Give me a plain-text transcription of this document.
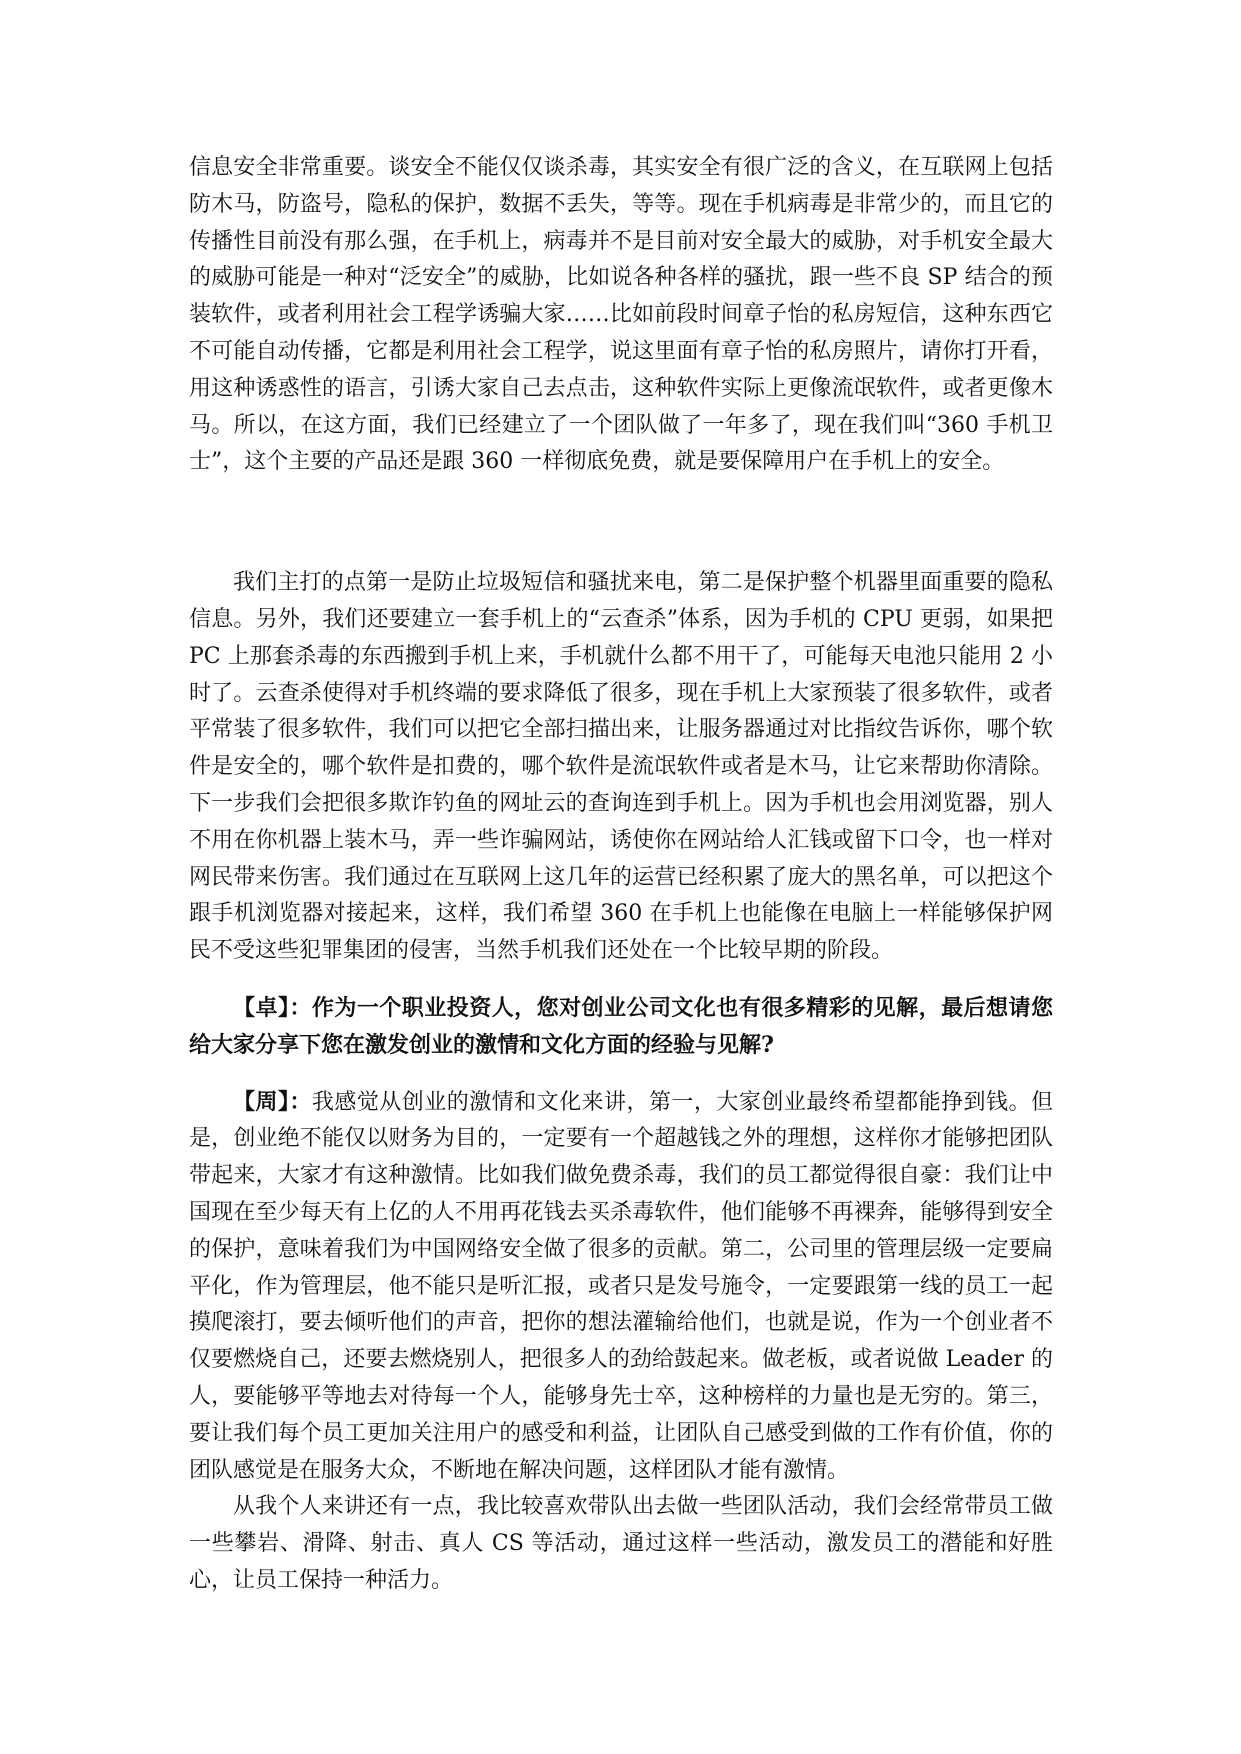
信息安全非常重要。谈安全不能仅仅谈杀毒，其实安全有很广泛的含义，在互联网上包括防木马，防盗号，隐私的保护，数据不丢失，等等。现在手机病毒是非常少的，而且它的传播性目前没有那么强，在手机上，病毒并不是目前对安全最大的威胁，对手机安全最大的威胁可能是一种对“泛安全”的威胁，比如说各种各样的骚扰，跟一些不良 SP 结合的预装软件，或者利用社会工程学诱骗大家……比如前段时间章子怡的私房短信，这种东西它不可能自动传播，它都是利用社会工程学，说这里面有章子怡的私房照片，请你打开看，用这种诱惑性的语言，引诱大家自己去点击，这种软件实际上更像流氓软件，或者更像木马。所以，在这方面，我们已经建立了一个团队做了一年多了，现在我们叫“360 手机卫士”，这个主要的产品还是跟 360 一样彻底免费，就是要保障用户在手机上的安全。

我们主打的点第一是防止垃圾短信和骚扰来电，第二是保护整个机器里面重要的隐私信息。另外，我们还要建立一套手机上的“云查杀”体系，因为手机的 CPU 更弱，如果把 PC 上那套杀毒的东西搬到手机上来，手机就什么都不用干了，可能每天电池只能用 2 小时了。云查杀使得对手机终端的要求降低了很多，现在手机上大家预装了很多软件，或者平常装了很多软件，我们可以把它全部扫描出来，让服务器通过对比指纹告诉你，哪个软件是安全的，哪个软件是扣费的，哪个软件是流氓软件或者是木马，让它来帮助你清除。下一步我们会把很多欺诈钓鱼的网址云的查询连到手机上。因为手机也会用浏览器，别人不用在你机器上装木马，弄一些诈骗网站，诱使你在网站给人汇钱或留下口令，也一样对网民带来伤害。我们通过在互联网上这几年的运营已经积累了庞大的黑名单，可以把这个跟手机浏览器对接起来，这样，我们希望 360 在手机上也能像在电脑上一样能够保护网民不受这些犯罪集团的侵害，当然手机我们还处在一个比较早期的阶段。

【卓】：作为一个职业投资人，您对创业公司文化也有很多精彩的见解，最后想请您给大家分享下您在激发创业的激情和文化方面的经验与见解?

【周】：我感觉从创业的激情和文化来讲，第一，大家创业最终希望都能挣到钱。但是，创业绝不能仅以财务为目的，一定要有一个超越钱之外的理想，这样你才能够把团队带起来，大家才有这种激情。比如我们做免费杀毒，我们的员工都觉得很自豪：我们让中国现在至少每天有上亿的人不用再花钱去买杀毒软件，他们能够不再裸奔，能够得到安全的保护，意味着我们为中国网络安全做了很多的贡献。第二，公司里的管理层级一定要扁平化，作为管理层，他不能只是听汇报，或者只是发号施令，一定要跟第一线的员工一起摸爬滚打，要去倾听他们的声音，把你的想法灌输给他们，也就是说，作为一个创业者不仅要燃烧自己，还要去燃烧别人，把很多人的劲给鼓起来。做老板，或者说做 Leader 的人，要能够平等地去对待每一个人，能够身先士卒，这种榜样的力量也是无穷的。第三，要让我们每个员工更加关注用户的感受和利益，让团队自己感受到做的工作有价值，你的团队感觉是在服务大众，不断地在解决问题，这样团队才能有激情。

从我个人来讲还有一点，我比较喜欢带队出去做一些团队活动，我们会经常带员工做一些攀岩、滑降、射击、真人 CS 等活动，通过这样一些活动，激发员工的潜能和好胜心，让员工保持一种活力。
